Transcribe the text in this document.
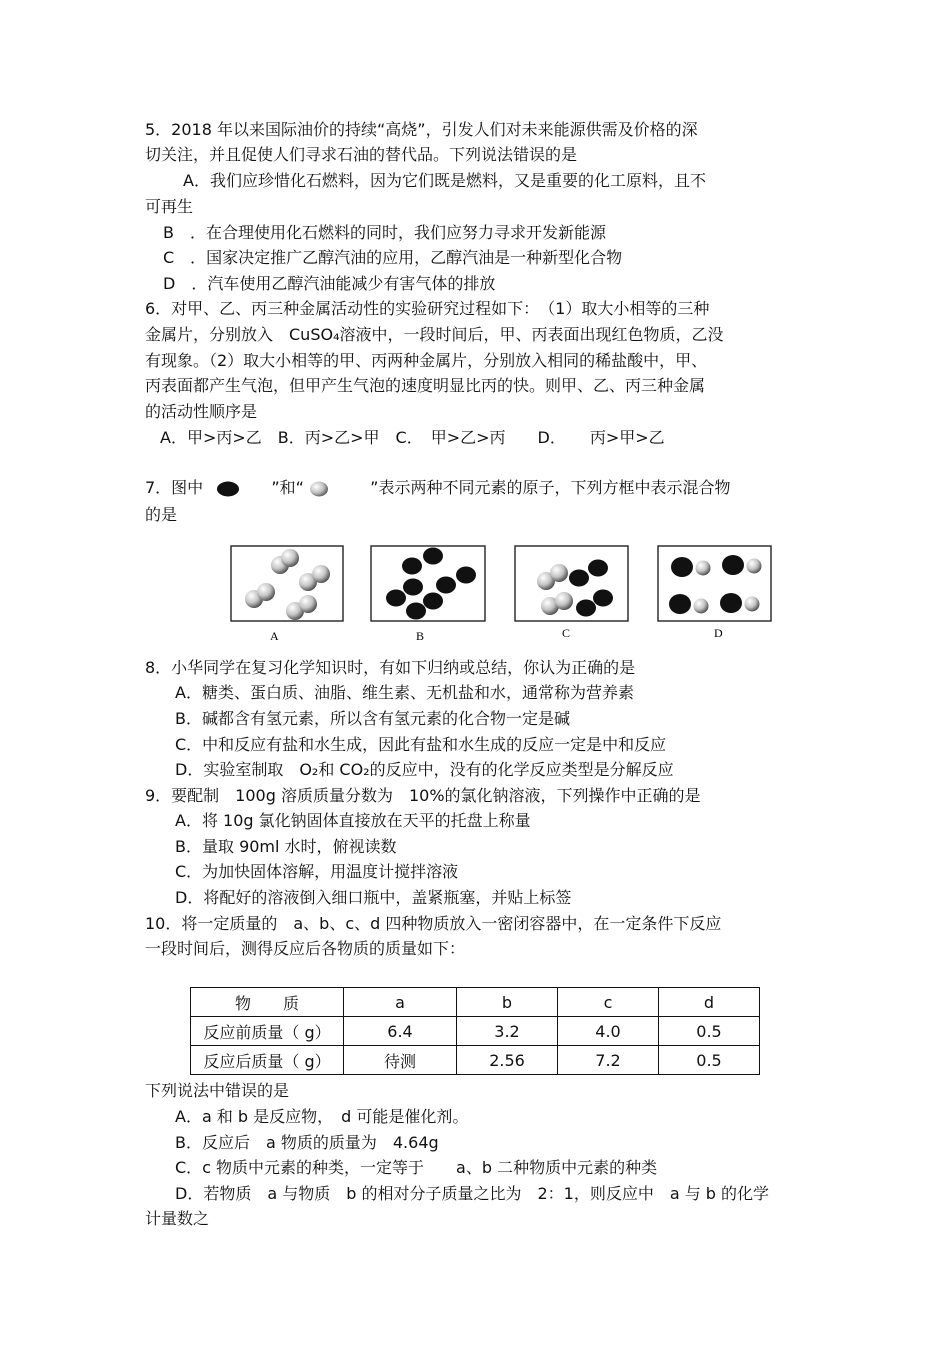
5．2018 年以来国际油价的持续“高烧”，引发人们对未来能源供需及价格的深
切关注，并且促使人们寻求石油的替代品。下列说法错误的是
A．我们应珍惜化石燃料，因为它们既是燃料，又是重要的化工原料，且不
可再生
B　．在合理使用化石燃料的同时，我们应努力寻求开发新能源
C　．国家决定推广乙醇汽油的应用，乙醇汽油是一种新型化合物
D　．汽车使用乙醇汽油能减少有害气体的排放
6．对甲、乙、丙三种金属活动性的实验研究过程如下：　（1）取大小相等的三种
金属片，分别放入　CuSO₄溶液中，一段时间后，甲、丙表面出现红色物质，乙没
有现象。（2）取大小相等的甲、丙两种金属片，分别放入相同的稀盐酸中，甲、
丙表面都产生气泡，但甲产生气泡的速度明显比丙的快。则甲、乙、丙三种金属
的活动性顺序是
A．甲>丙>乙　B．丙>乙>甲　C．　甲>乙>丙　　D．　　丙>甲>乙
7．图中	”和“	”表示两种不同元素的原子，下列方框中表示混合物
的是
A	B	C	D
8．小华同学在复习化学知识时，有如下归纳或总结，你认为正确的是
A．糖类、蛋白质、油脂、维生素、无机盐和水，通常称为营养素
B．碱都含有氢元素，所以含有氢元素的化合物一定是碱
C．中和反应有盐和水生成，因此有盐和水生成的反应一定是中和反应
D．实验室制取　O₂和 CO₂的反应中，没有的化学反应类型是分解反应
9．要配制　100g 溶质质量分数为　10%的氯化钠溶液，下列操作中正确的是
A．将 10g 氯化钠固体直接放在天平的托盘上称量
B．量取 90ml 水时，俯视读数
C．为加快固体溶解，用温度计搅拌溶液
D．将配好的溶液倒入细口瓶中，盖紧瓶塞，并贴上标签
10．将一定质量的　a、b、c、d 四种物质放入一密闭容器中，在一定条件下反应
一段时间后，测得反应后各物质的质量如下：
物　　质	a	b	c	d
反应前质量（ g）	6.4	3.2	4.0	0.5
反应后质量（ g）	待测	2.56	7.2	0.5
下列说法中错误的是
A．a 和 b 是反应物，　d 可能是催化剂。
B．反应后　a 物质的质量为　4.64g
C．c 物质中元素的种类，一定等于　　a、b 二种物质中元素的种类
D．若物质　a 与物质　b 的相对分子质量之比为　2：1，则反应中　a 与 b 的化学
计量数之
